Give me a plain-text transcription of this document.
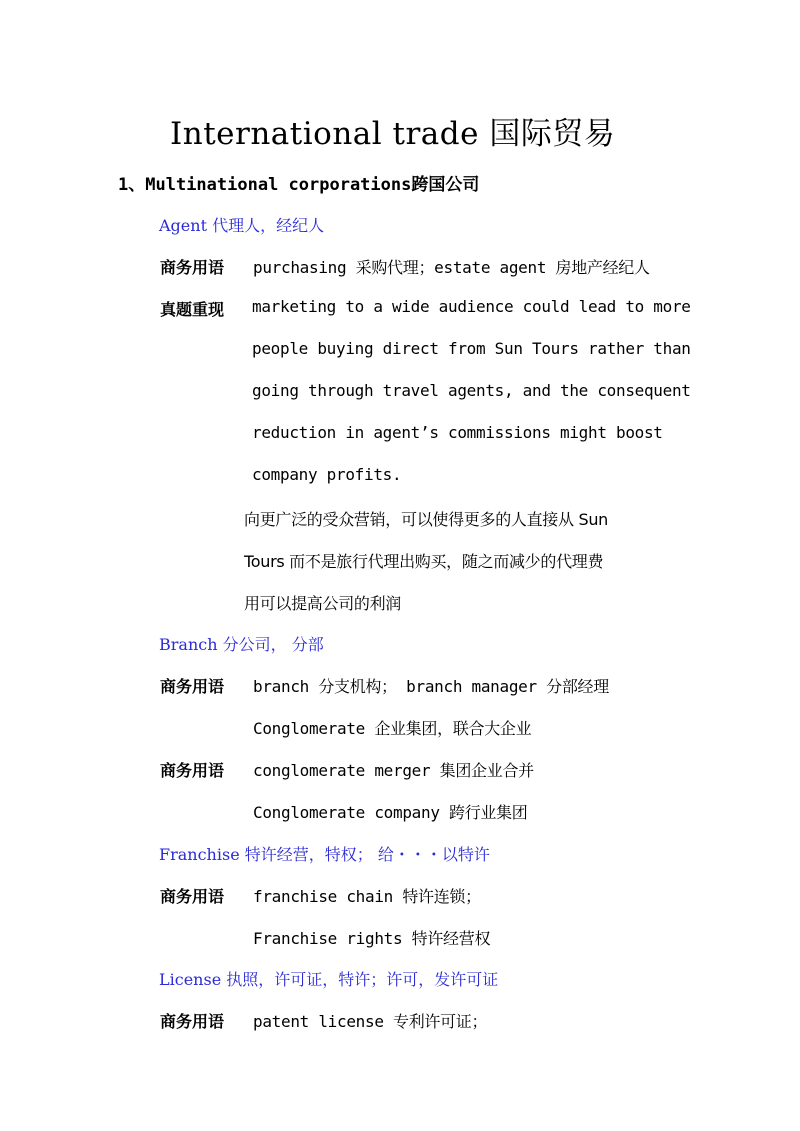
International trade 国际贸易
1、Multinational corporations跨国公司
Agent 代理人，经纪人
商务用语 purchasing 采购代理；estate agent 房地产经纪人
真题重现 marketing to a wide audience could lead to more
people buying direct from Sun Tours rather than
going through travel agents, and the consequent
reduction in agent’s commissions might boost
company profits.
向更广泛的受众营销，可以使得更多的人直接从 Sun
Tours 而不是旅行代理出购买，随之而减少的代理费
用可以提高公司的利润
Branch 分公司， 分部
商务用语 branch 分支机构； branch manager 分部经理
Conglomerate 企业集团，联合大企业
商务用语 conglomerate merger 集团企业合并
Conglomerate company 跨行业集团
Franchise 特许经营，特权； 给・・・以特许
商务用语 franchise chain 特许连锁；
Franchise rights 特许经营权
License 执照，许可证，特许；许可，发许可证
商务用语 patent license 专利许可证；
